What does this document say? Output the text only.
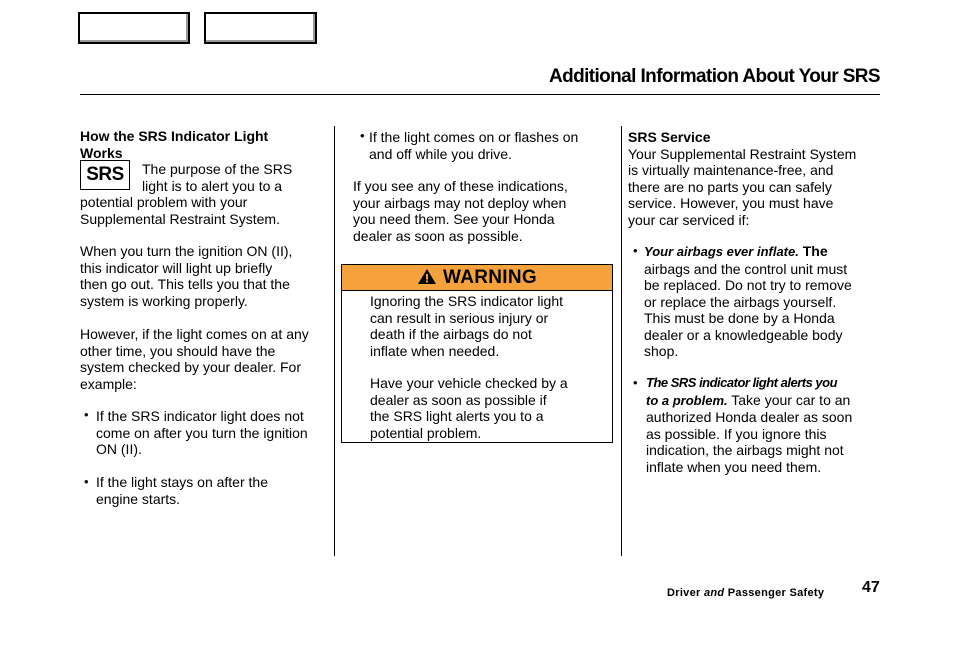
Additional Information About Your SRS

How the SRS Indicator Light

Works

SRS	The purpose of the SRS

light is to alert you to a

potential problem with your

Supplemental Restraint System.

When you turn the ignition ON (II),

this indicator will light up briefly

then go out. This tells you that the

system is working properly.

However, if the light comes on at any

other time, you should have the

system checked by your dealer. For

example:

• If the SRS indicator light does not

come on after you turn the ignition

ON (II).

• If the light stays on after the

engine starts.

• If the light comes on or flashes on

and off while you drive.

If you see any of these indications,

your airbags may not deploy when

you need them. See your Honda

dealer as soon as possible.

WARNING

Ignoring the SRS indicator light

can result in serious injury or

death if the airbags do not

inflate when needed.

Have your vehicle checked by a

dealer as soon as possible if

the SRS light alerts you to a

potential problem.

SRS Service

Your Supplemental Restraint System

is virtually maintenance-free, and

there are no parts you can safely

service. However, you must have

your car serviced if:

• Your airbags ever inflate. The

airbags and the control unit must

be replaced. Do not try to remove

or replace the airbags yourself.

This must be done by a Honda

dealer or a knowledgeable body

shop.

• The SRS indicator light alerts you

to a problem. Take your car to an

authorized Honda dealer as soon

as possible. If you ignore this

indication, the airbags might not

inflate when you need them.

Driver and Passenger Safety 47
